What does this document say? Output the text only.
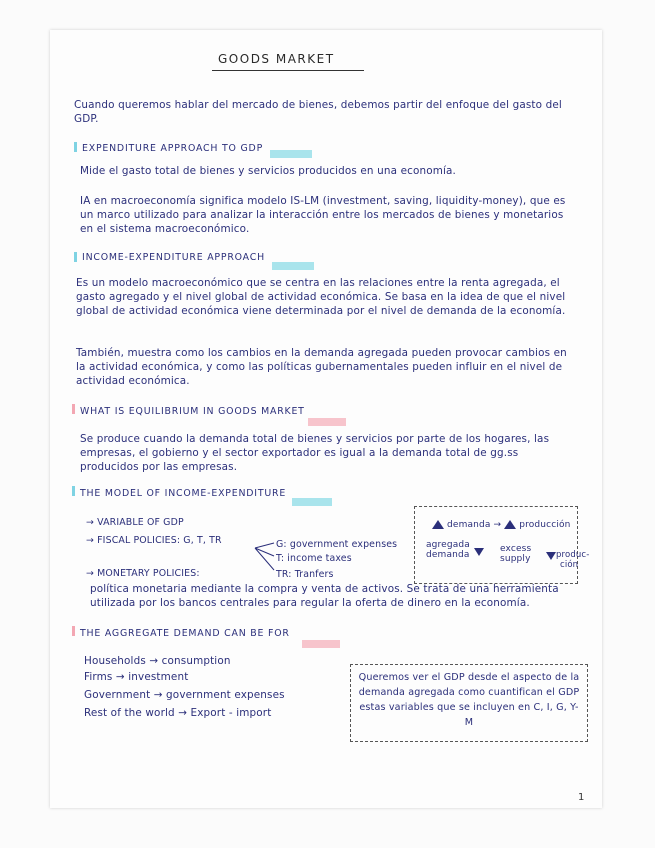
GOODS MARKET
Cuando queremos hablar del mercado de bienes, debemos partir del enfoque del gasto del GDP.
EXPENDITURE APPROACH TO GDP
Mide el gasto total de bienes y servicios producidos en una economía.
IA en macroeconomía significa modelo IS-LM (investment, saving, liquidity-money), que es un marco utilizado para analizar la interacción entre los mercados de bienes y monetarios en el sistema macroeconómico.
INCOME-EXPENDITURE APPROACH
Es un modelo macroeconómico que se centra en las relaciones entre la renta agregada, el gasto agregado y el nivel global de actividad económica. Se basa en la idea de que el nivel global de actividad económica viene determinada por el nivel de demanda de la economía.
También, muestra como los cambios en la demanda agregada pueden provocar cambios en la actividad económica, y como las políticas gubernamentales pueden influir en el nivel de actividad económica.
WHAT IS EQUILIBRIUM IN GOODS MARKET
Se produce cuando la demanda total de bienes y servicios por parte de los hogares, las empresas, el gobierno y el sector exportador es igual a la demanda total de gg.ss producidos por las empresas.
THE MODEL OF INCOME-EXPENDITURE
→ VARIABLE OF GDP
→ FISCAL POLICIES: G, T, TR	G: government expenses
T: income taxes
TR: Tranfers
→ MONETARY POLICIES:
política monetaria mediante la compra y venta de activos. Se trata de una herramienta utilizada por los bancos centrales para regular la oferta de dinero en la economía.
demanda →  producción
agregada
demanda
excess
supply	produc-
ción
THE AGGREGATE DEMAND CAN BE FOR
Households → consumption
Firms → investment
Government → government expenses
Rest of the world → Export - import
Queremos ver el GDP desde el aspecto de la demanda agregada como cuantifican el GDP estas variables que se incluyen en C, I, G, Y-M
1
